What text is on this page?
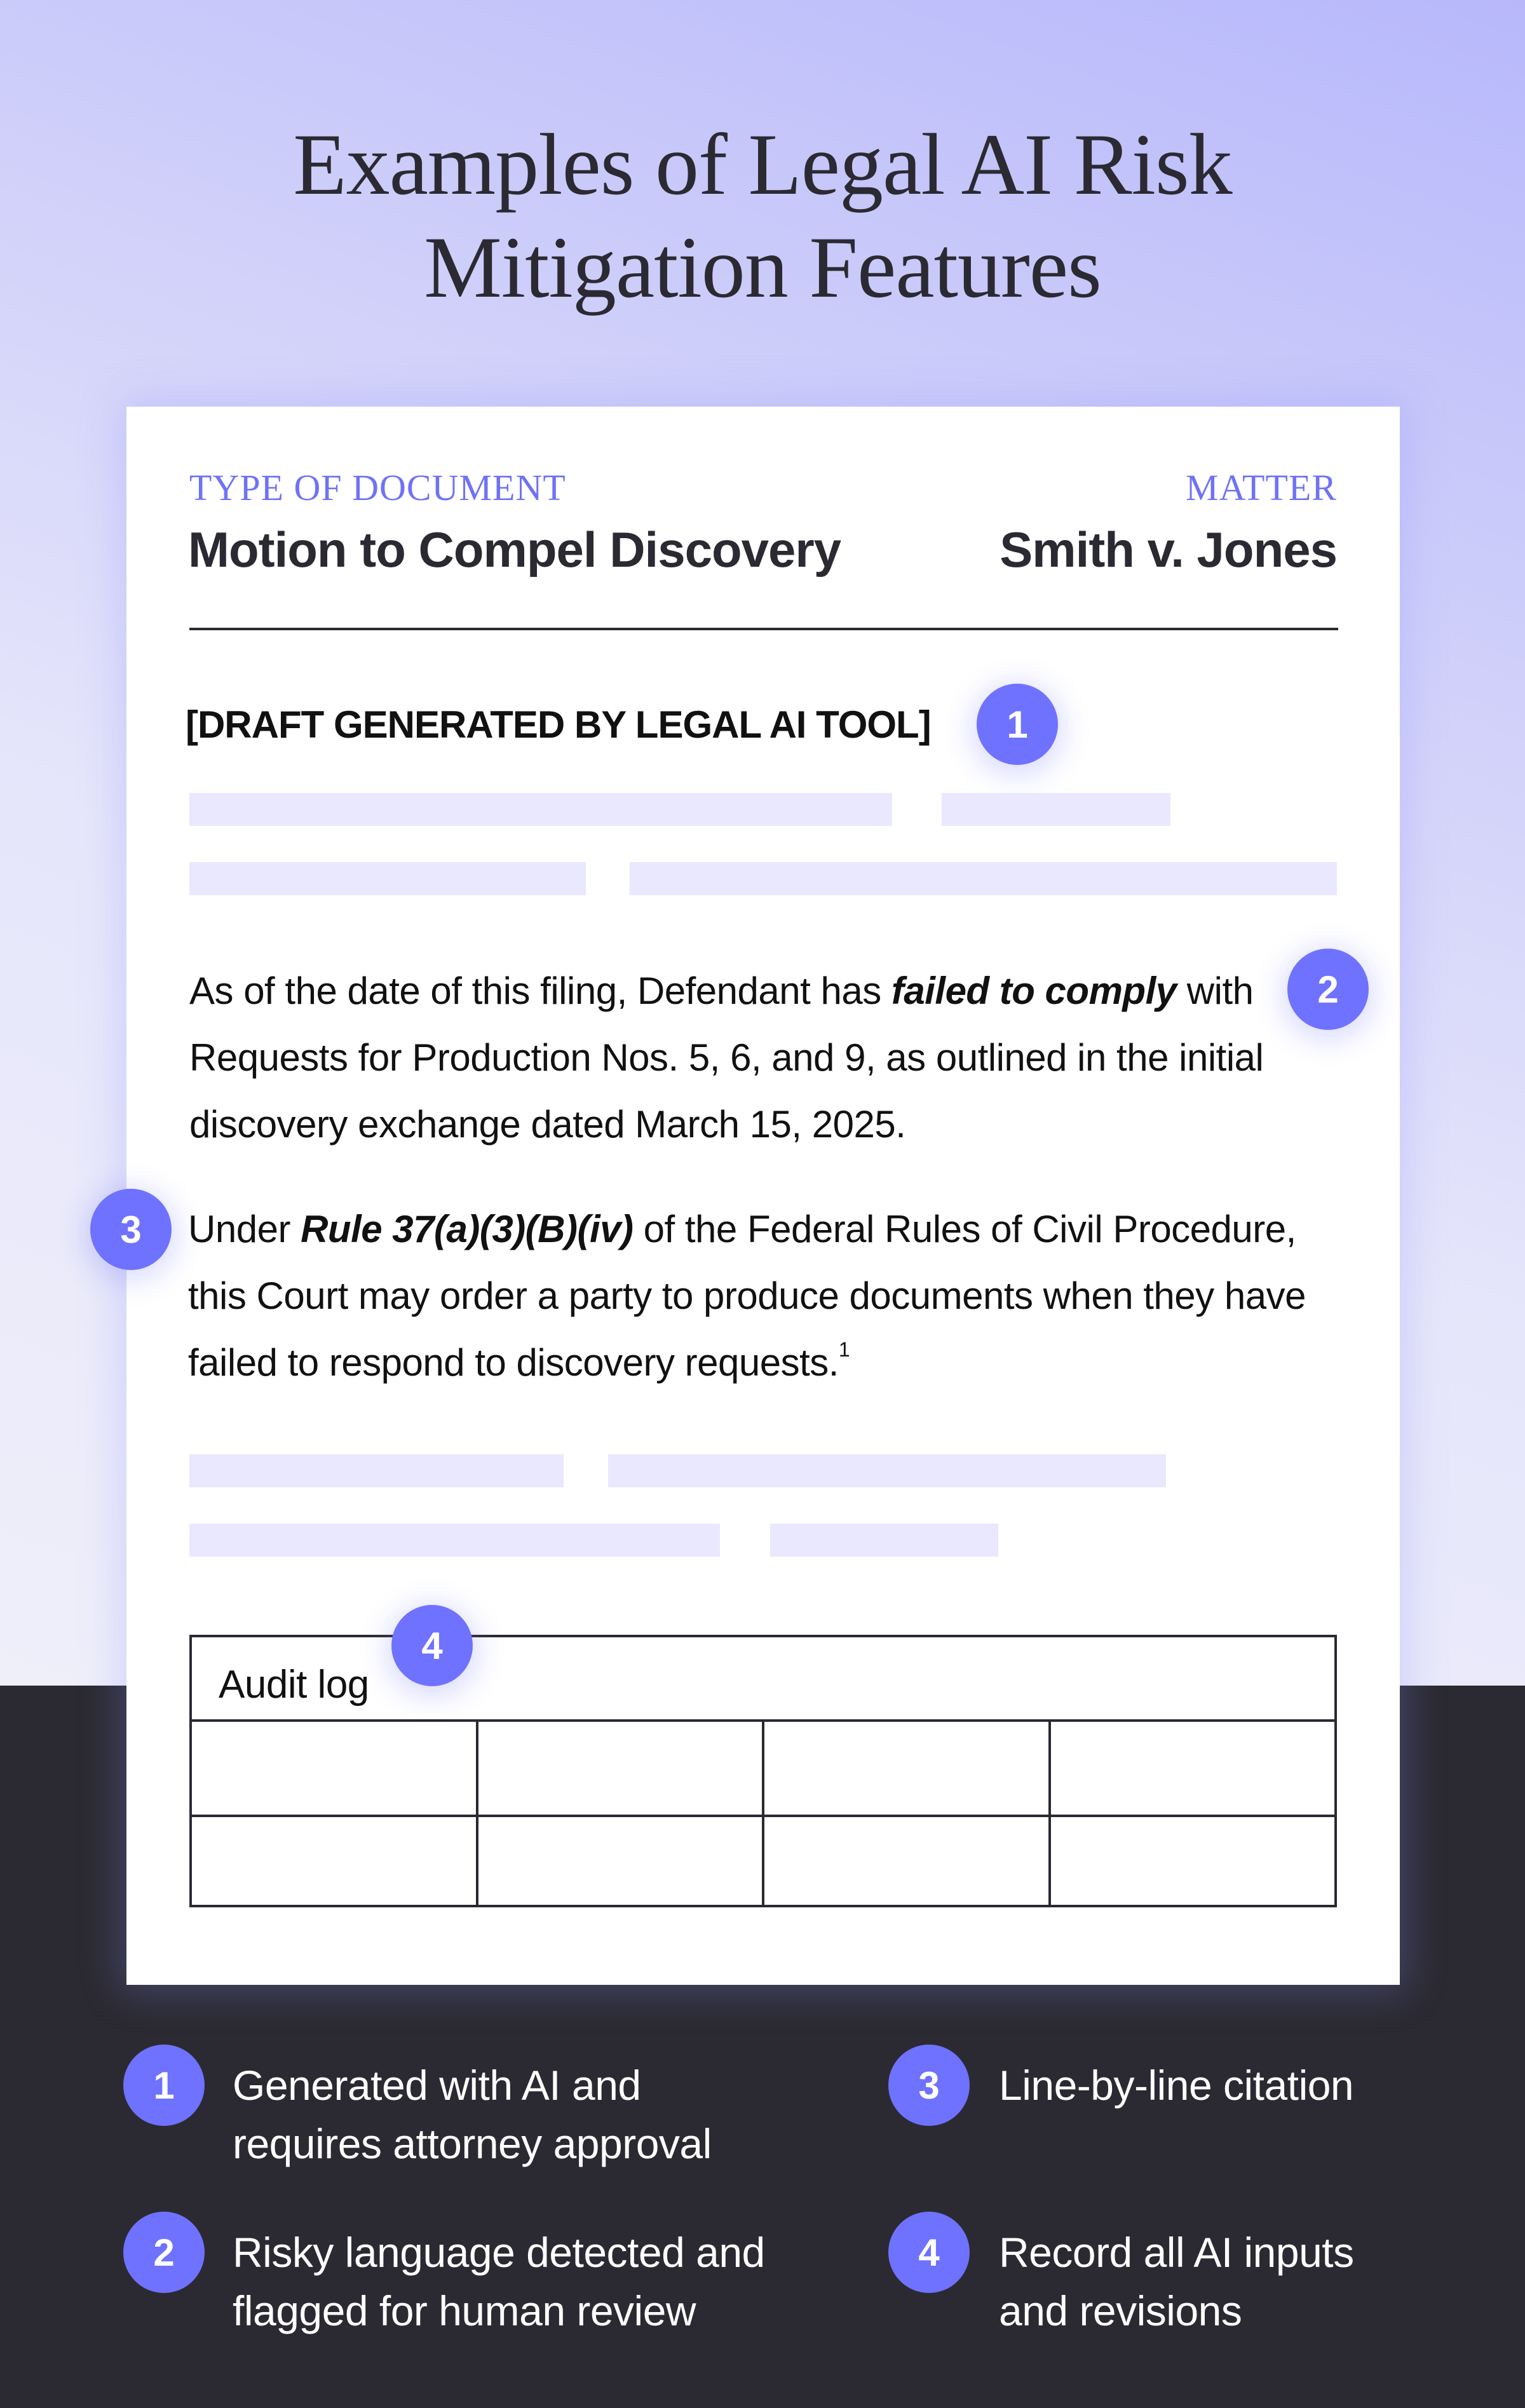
Examples of Legal AI Risk
Mitigation Features
TYPE OF DOCUMENT	MATTER
Motion to Compel Discovery	Smith v. Jones
[DRAFT GENERATED BY LEGAL AI TOOL]	1
As of the date of this filing, Defendant has failed to comply with Requests for Production Nos. 5, 6, and 9, as outlined in the initial discovery exchange dated March 15, 2025.
2
3	Under Rule 37(a)(3)(B)(iv) of the Federal Rules of Civil Procedure, this Court may order a party to produce documents when they have failed to respond to discovery requests.$^1$
Audit log
4
1	Generated with AI and
requires attorney approval
2	Risky language detected and
flagged for human review
3	Line-by-line citation
4	Record all AI inputs
and revisions
